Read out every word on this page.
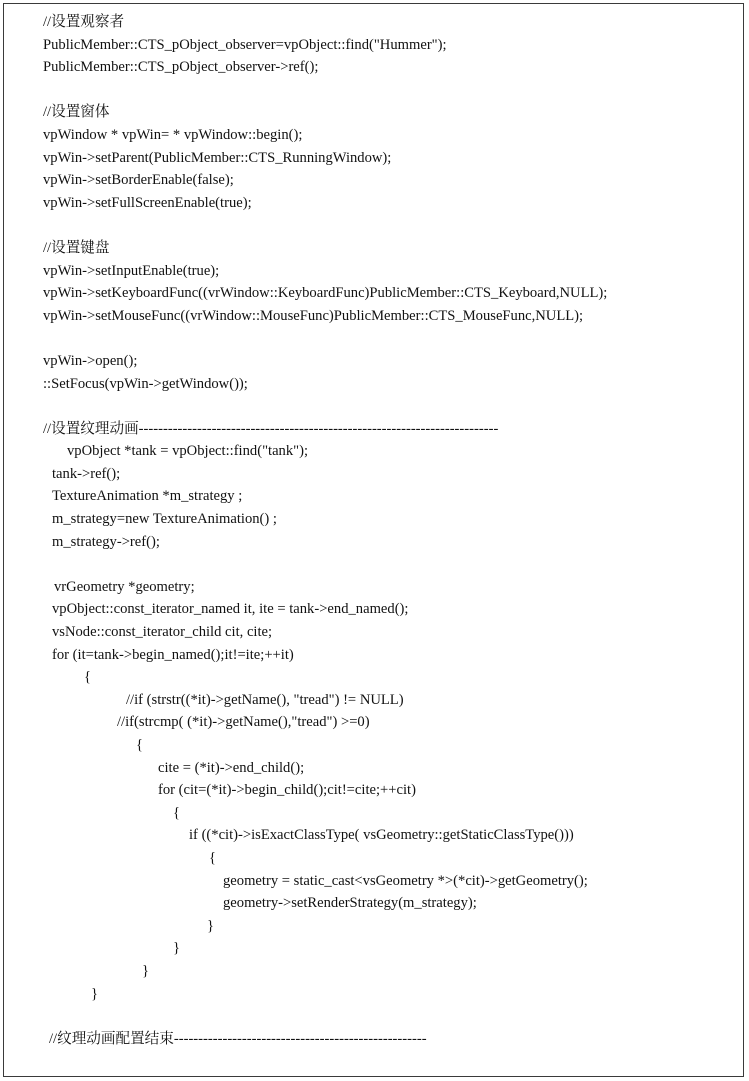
//设置观察者
PublicMember::CTS_pObject_observer=vpObject::find("Hummer");
PublicMember::CTS_pObject_observer->ref();
//设置窗体
vpWindow * vpWin= * vpWindow::begin();
vpWin->setParent(PublicMember::CTS_RunningWindow);
vpWin->setBorderEnable(false);
vpWin->setFullScreenEnable(true);
//设置键盘
vpWin->setInputEnable(true);
vpWin->setKeyboardFunc((vrWindow::KeyboardFunc)PublicMember::CTS_Keyboard,NULL);
vpWin->setMouseFunc((vrWindow::MouseFunc)PublicMember::CTS_MouseFunc,NULL);
vpWin->open();
::SetFocus(vpWin->getWindow());
//设置纹理动画--------------------------------------------------------------------------
vpObject *tank = vpObject::find("tank");
tank->ref();
TextureAnimation *m_strategy ;
m_strategy=new TextureAnimation() ;
m_strategy->ref();
vrGeometry *geometry;
vpObject::const_iterator_named it, ite = tank->end_named();
vsNode::const_iterator_child cit, cite;
for (it=tank->begin_named();it!=ite;++it)
{
//if (strstr((*it)->getName(), "tread") != NULL)
//if(strcmp( (*it)->getName(),"tread") >=0)
{
cite = (*it)->end_child();
for (cit=(*it)->begin_child();cit!=cite;++cit)
{
if ((*cit)->isExactClassType( vsGeometry::getStaticClassType()))
{
geometry = static_cast<vsGeometry *>(*cit)->getGeometry();
geometry->setRenderStrategy(m_strategy);
}
}
}
}
//纹理动画配置结束----------------------------------------------------
